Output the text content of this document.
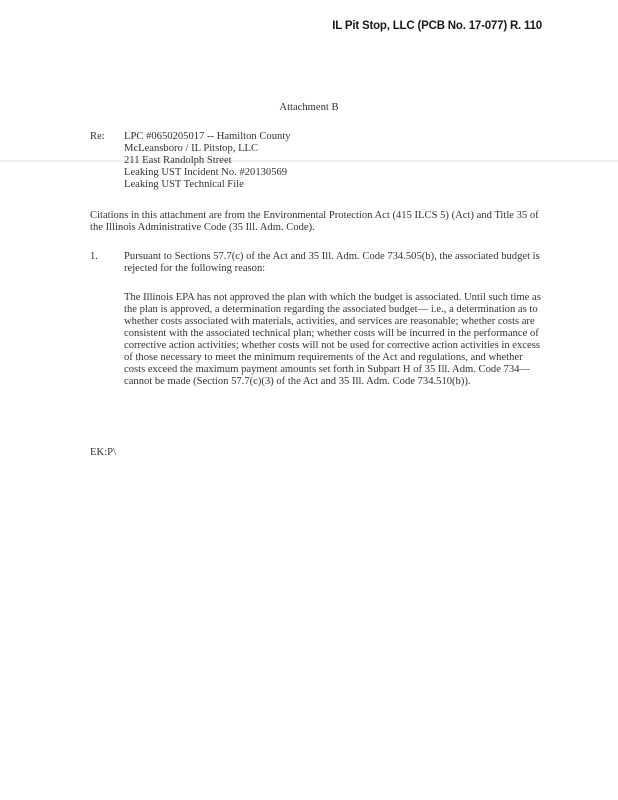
IL Pit Stop, LLC (PCB No. 17-077) R. 110
Attachment B
Re: LPC #0650205017 -- Hamilton County
McLeansboro / IL Pitstop, LLC
211 East Randolph Street
Leaking UST Incident No. #20130569
Leaking UST Technical File

Citations in this attachment are from the Environmental Protection Act (415 ILCS 5) (Act) and Title 35 of the Illinois Administrative Code (35 Ill. Adm. Code).

1. Pursuant to Sections 57.7(c) of the Act and 35 Ill. Adm. Code 734.505(b), the associated budget is rejected for the following reason:

The Illinois EPA has not approved the plan with which the budget is associated. Until such time as the plan is approved, a determination regarding the associated budget— i.e., a determination as to whether costs associated with materials, activities, and services are reasonable; whether costs are consistent with the associated technical plan; whether costs will be incurred in the performance of corrective action activities; whether costs will not be used for corrective action activities in excess of those necessary to meet the minimum requirements of the Act and regulations, and whether costs exceed the maximum payment amounts set forth in Subpart H of 35 Ill. Adm. Code 734—cannot be made (Section 57.7(c)(3) of the Act and 35 Ill. Adm. Code 734.510(b)).

EK:P\
